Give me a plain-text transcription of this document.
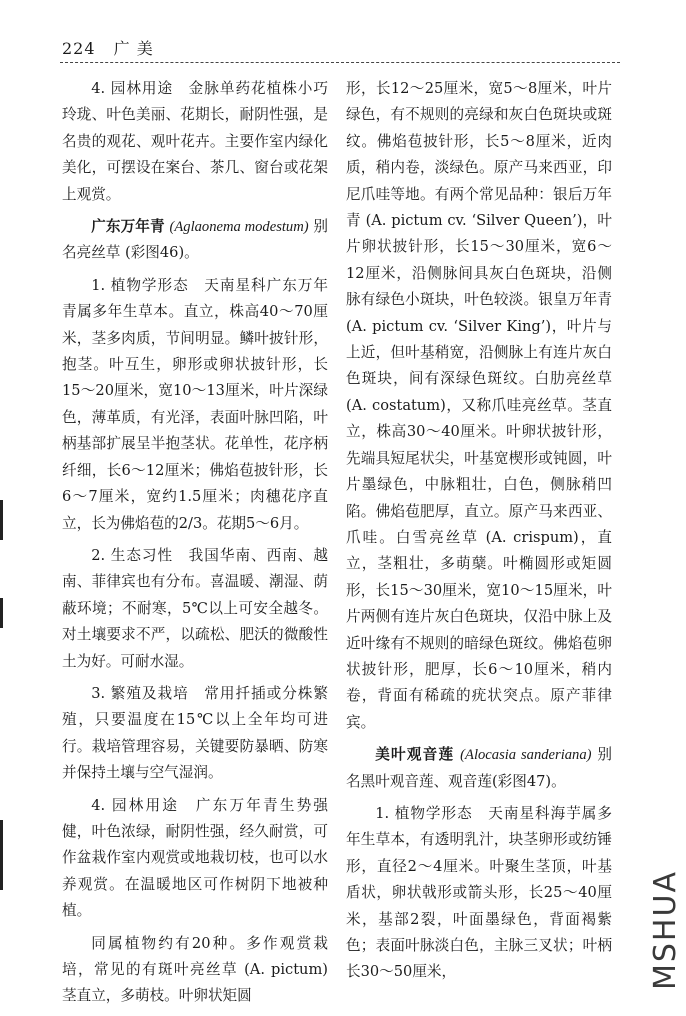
224 广 美

4. 园林用途　金脉单药花植株小巧玲珑、叶色美丽、花期长，耐阴性强，是名贵的观花、观叶花卉。主要作室内绿化美化，可摆设在案台、茶几、窗台或花架上观赏。

广东万年青 (Aglaonema modestum) 别名亮丝草 (彩图46)。

1. 植物学形态　天南星科广东万年青属多年生草本。直立，株高40～70厘米，茎多肉质，节间明显。鳞叶披针形，抱茎。叶互生，卵形或卵状披针形，长15～20厘米，宽10～13厘米，叶片深绿色，薄革质，有光泽，表面叶脉凹陷，叶柄基部扩展呈半抱茎状。花单性，花序柄纤细，长6～12厘米；佛焰苞披针形，长6～7厘米，宽约1.5厘米；肉穗花序直立，长为佛焰苞的2/3。花期5～6月。

2. 生态习性　我国华南、西南、越南、菲律宾也有分布。喜温暖、潮湿、荫蔽环境；不耐寒，5℃以上可安全越冬。对土壤要求不严，以疏松、肥沃的微酸性土为好。可耐水湿。

3. 繁殖及栽培　常用扦插或分株繁殖，只要温度在15℃以上全年均可进行。栽培管理容易，关键要防暴晒、防寒并保持土壤与空气湿润。

4. 园林用途　广东万年青生势强健，叶色浓绿，耐阴性强，经久耐赏，可作盆栽作室内观赏或地栽切枝，也可以水养观赏。在温暖地区可作树阴下地被种植。

同属植物约有20种。多作观赏栽培，常见的有斑叶亮丝草 (A. pictum) 茎直立，多萌枝。叶卵状矩圆

形，长12～25厘米，宽5～8厘米，叶片绿色，有不规则的亮绿和灰白色斑块或斑纹。佛焰苞披针形，长5～8厘米，近肉质，稍内卷，淡绿色。原产马来西亚，印尼爪哇等地。有两个常见品种：银后万年青 (A. pictum cv. ‘Silver Queen’)，叶片卵状披针形，长15～30厘米，宽6～12厘米，沿侧脉间具灰白色斑块，沿侧脉有绿色小斑块，叶色较淡。银皇万年青 (A. pictum cv. ‘Silver King’)，叶片与上近，但叶基稍宽，沿侧脉上有连片灰白色斑块，间有深绿色斑纹。白肋亮丝草 (A. costatum)，又称爪哇亮丝草。茎直立，株高30～40厘米。叶卵状披针形，先端具短尾状尖，叶基宽楔形或钝圆，叶片墨绿色，中脉粗壮，白色，侧脉稍凹陷。佛焰苞肥厚，直立。原产马来西亚、爪哇。白雪亮丝草 (A. crispum)，直立，茎粗壮，多萌蘖。叶椭圆形或矩圆形，长15～30厘米，宽10～15厘米，叶片两侧有连片灰白色斑块，仅沿中脉上及近叶缘有不规则的暗绿色斑纹。佛焰苞卵状披针形，肥厚，长6～10厘米，稍内卷，背面有稀疏的疣状突点。原产菲律宾。

美叶观音莲 (Alocasia sanderiana) 别名黑叶观音莲、观音莲(彩图47)。

1. 植物学形态　天南星科海芋属多年生草本，有透明乳汁，块茎卵形或纺锤形，直径2～4厘米。叶聚生茎顶，叶基盾状，卵状戟形或箭头形，长25～40厘米，基部2裂，叶面墨绿色，背面褐紫色；表面叶脉淡白色，主脉三叉状；叶柄长30～50厘米，	MSHUA
